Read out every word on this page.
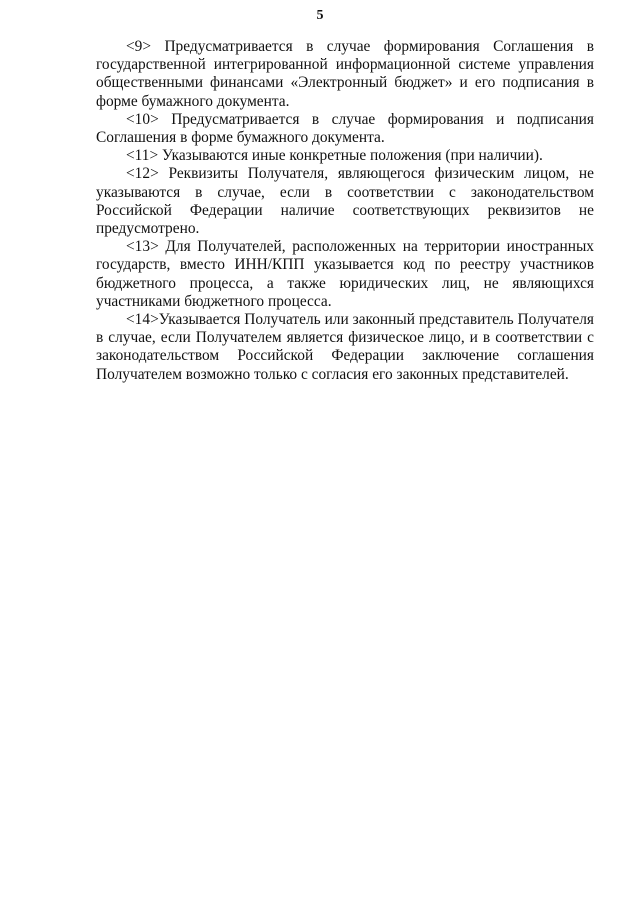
5

<9> Предусматривается в случае формирования Соглашения в государственной интегрированной информационной системе управления общественными финансами «Электронный бюджет» и его подписания в форме бумажного документа.

<10> Предусматривается в случае формирования и подписания Соглашения в форме бумажного документа.

<11> Указываются иные конкретные положения (при наличии).

<12> Реквизиты Получателя, являющегося физическим лицом, не указываются в случае, если в соответствии с законодательством Российской Федерации наличие соответствующих реквизитов не предусмотрено.

<13> Для Получателей, расположенных на территории иностранных государств, вместо ИНН/КПП указывается код по реестру участников бюджетного процесса, а также юридических лиц, не являющихся участниками бюджетного процесса.

<14>Указывается Получатель или законный представитель Получателя в случае, если Получателем является физическое лицо, и в соответствии с законодательством Российской Федерации заключение соглашения Получателем возможно только с согласия его законных представителей.
